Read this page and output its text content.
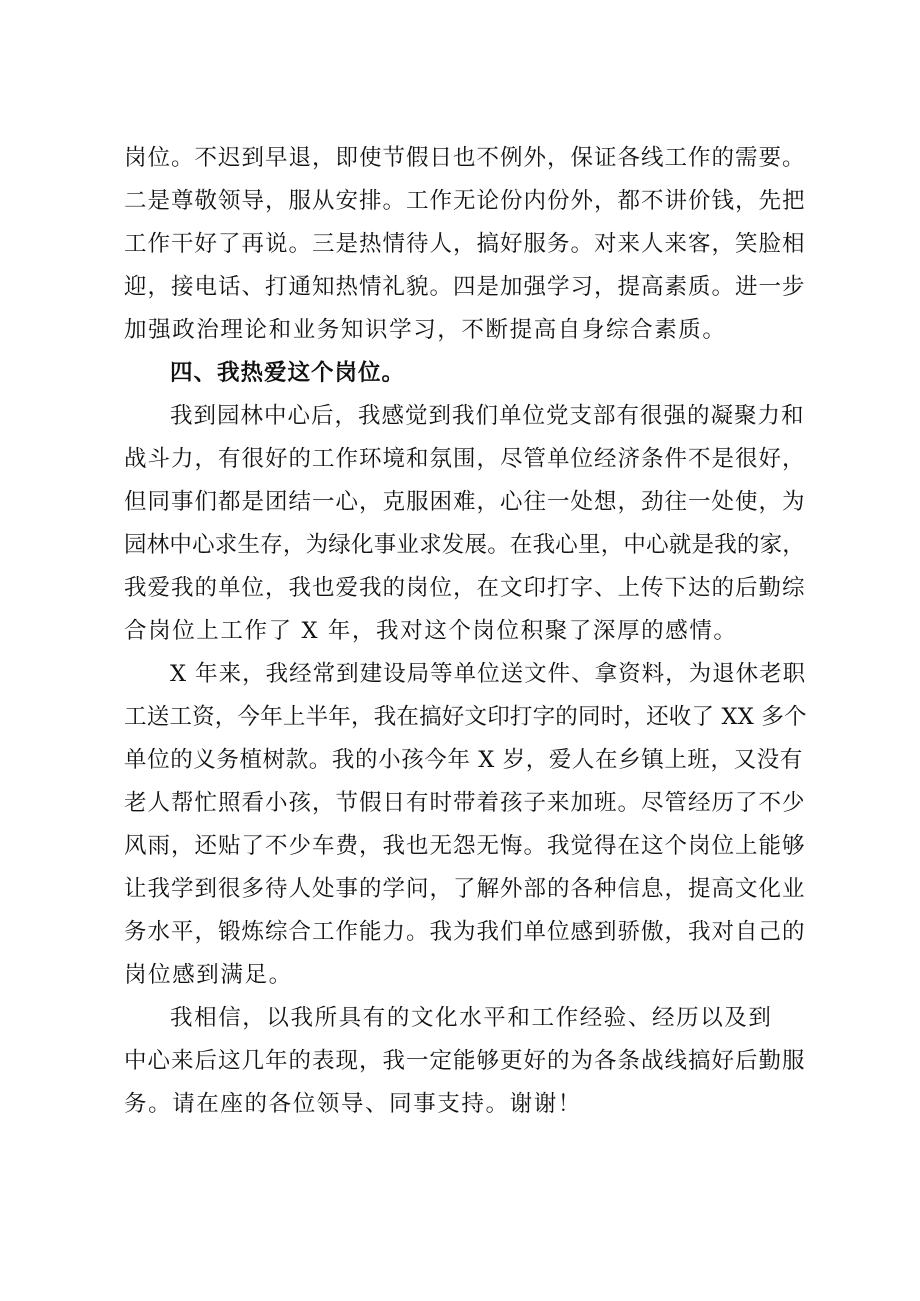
岗位。不迟到早退，即使节假日也不例外，保证各线工作的需要。
二是尊敬领导，服从安排。工作无论份内份外，都不讲价钱，先把
工作干好了再说。三是热情待人，搞好服务。对来人来客，笑脸相
迎，接电话、打通知热情礼貌。四是加强学习，提高素质。进一步
加强政治理论和业务知识学习，不断提高自身综合素质。
四、我热爱这个岗位。
我到园林中心后，我感觉到我们单位党支部有很强的凝聚力和
战斗力，有很好的工作环境和氛围，尽管单位经济条件不是很好，
但同事们都是团结一心，克服困难，心往一处想，劲往一处使，为
园林中心求生存，为绿化事业求发展。在我心里，中心就是我的家，
我爱我的单位，我也爱我的岗位，在文印打字、上传下达的后勤综
合岗位上工作了 X 年，我对这个岗位积聚了深厚的感情。
X 年来，我经常到建设局等单位送文件、拿资料，为退休老职
工送工资，今年上半年，我在搞好文印打字的同时，还收了 XX 多个
单位的义务植树款。我的小孩今年 X 岁，爱人在乡镇上班，又没有
老人帮忙照看小孩，节假日有时带着孩子来加班。尽管经历了不少
风雨，还贴了不少车费，我也无怨无悔。我觉得在这个岗位上能够
让我学到很多待人处事的学问，了解外部的各种信息，提高文化业
务水平，锻炼综合工作能力。我为我们单位感到骄傲，我对自己的
岗位感到满足。
我相信，以我所具有的文化水平和工作经验、经历以及到
中心来后这几年的表现，我一定能够更好的为各条战线搞好后勤服
务。请在座的各位领导、同事支持。谢谢！
